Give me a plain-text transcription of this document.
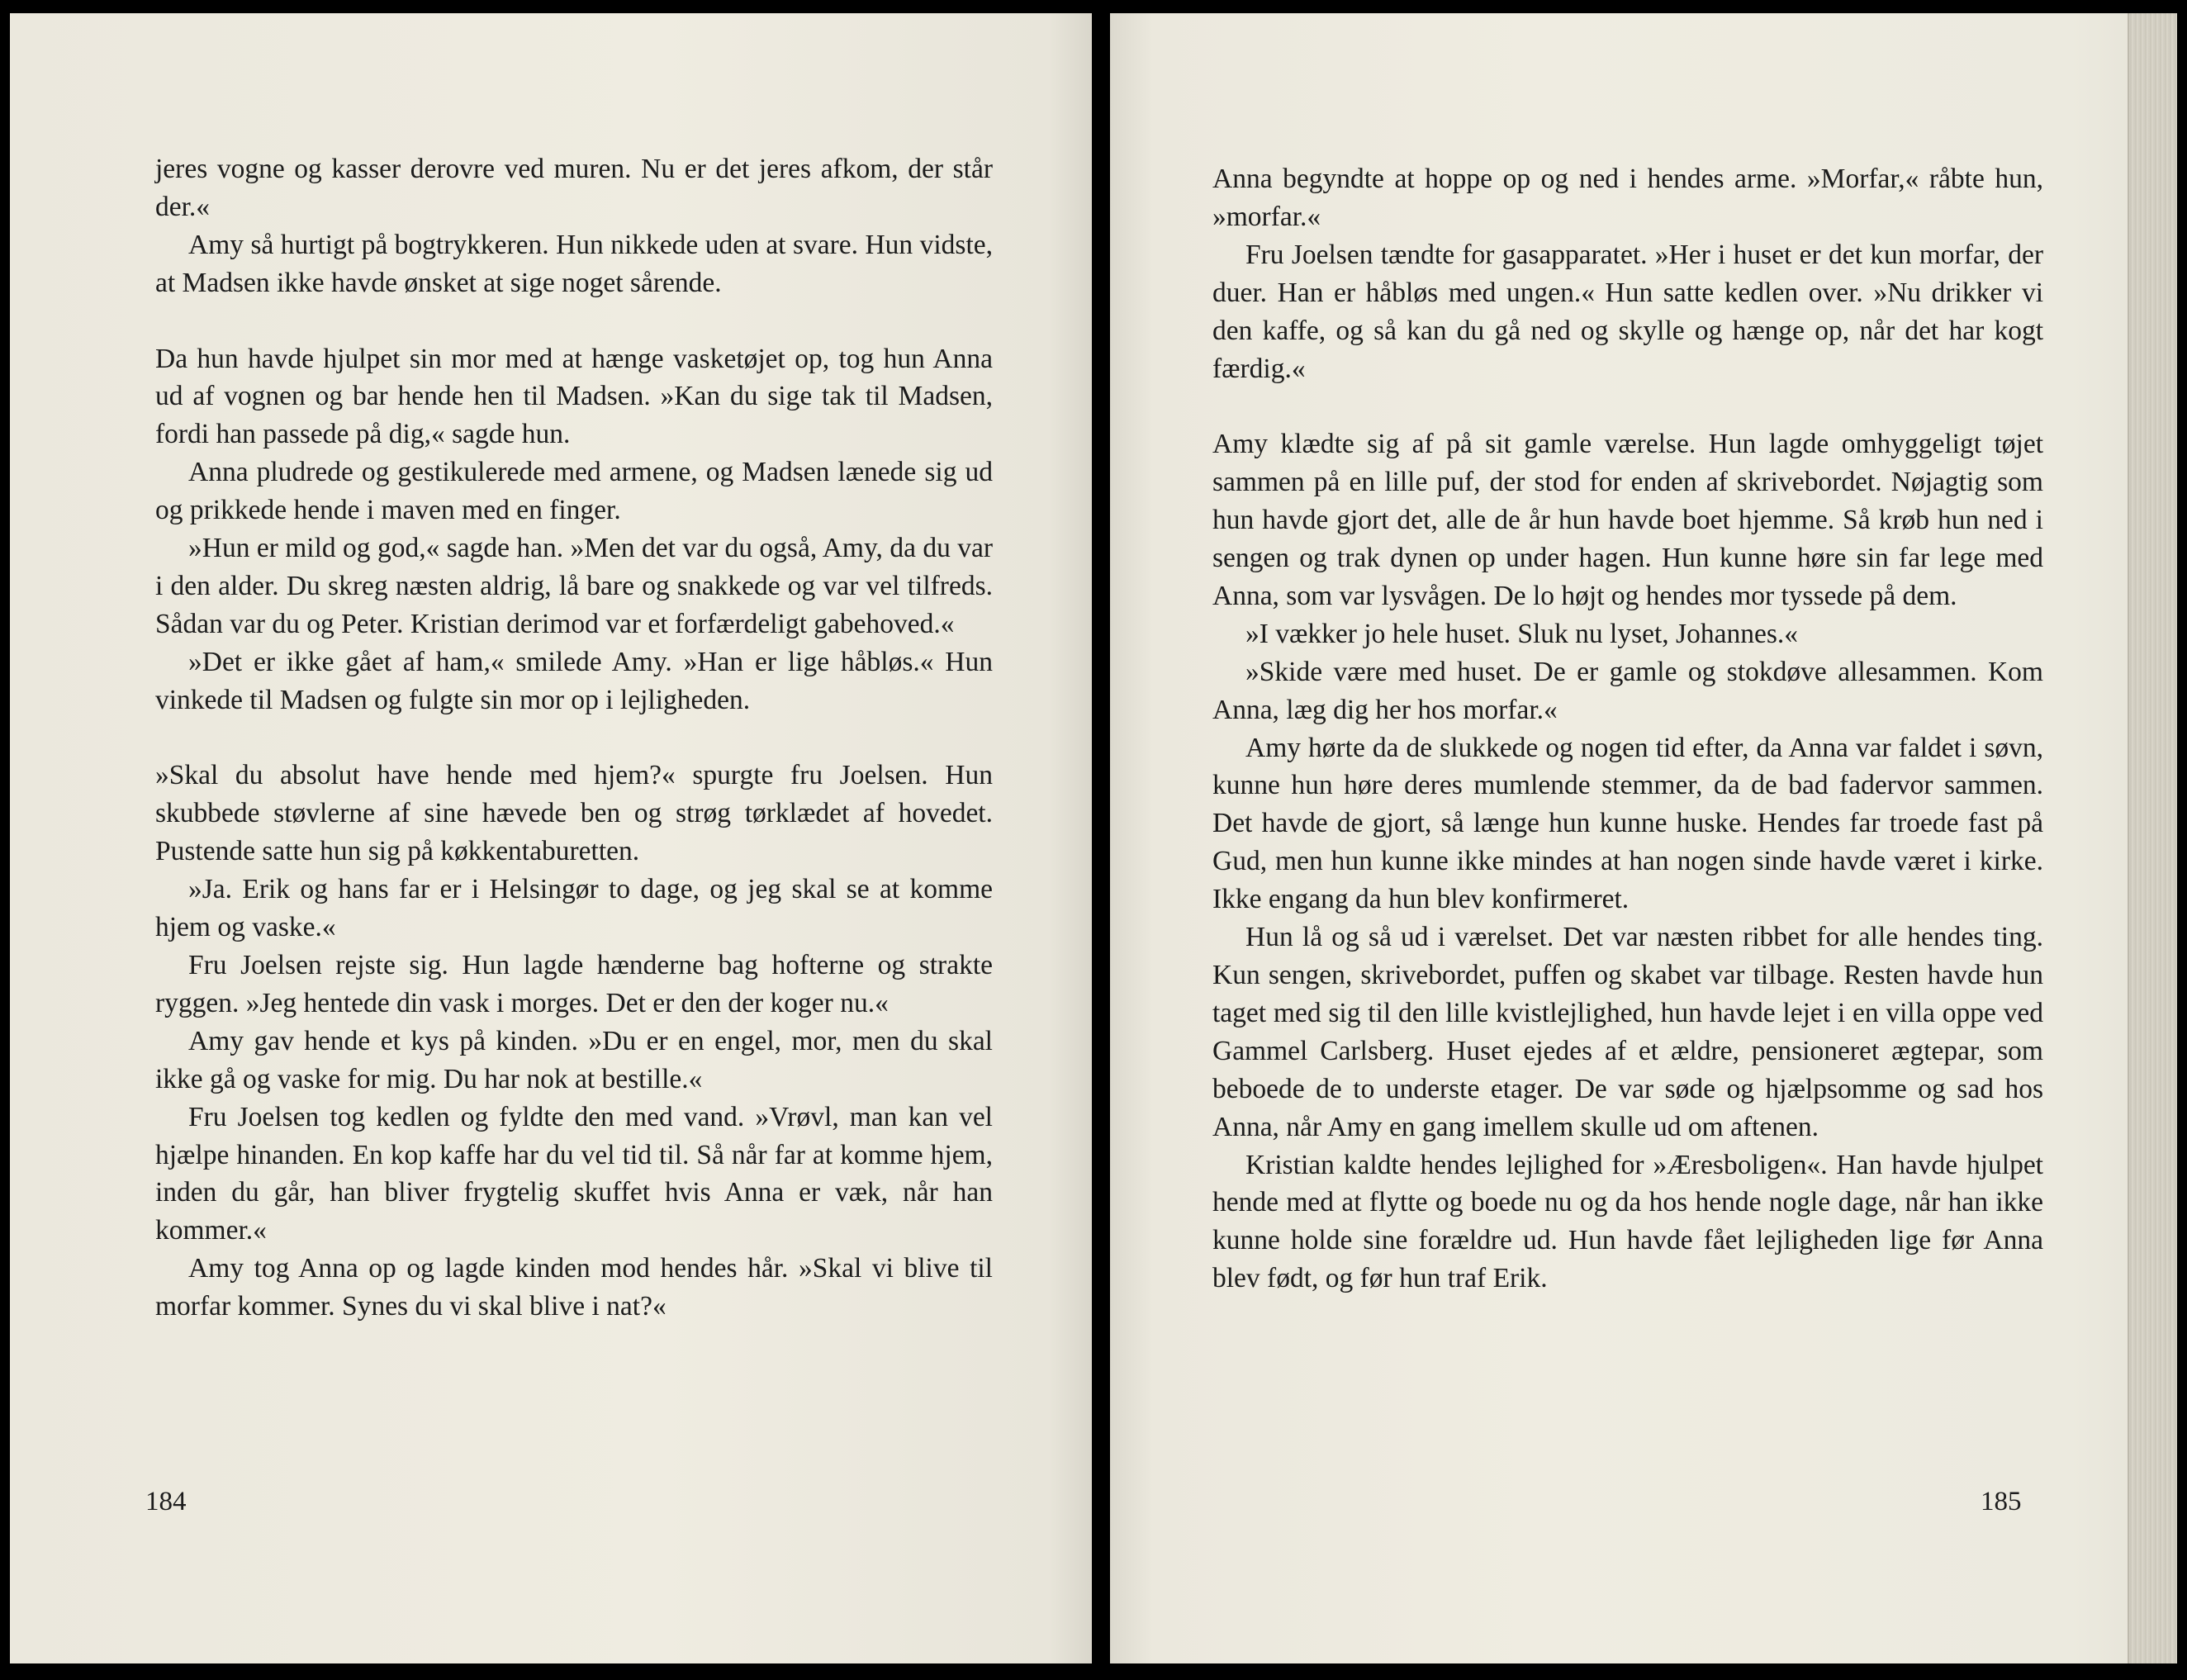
jeres vogne og kasser derovre ved muren. Nu er det jeres afkom, der står der.«

Amy så hurtigt på bogtrykkeren. Hun nikkede uden at svare. Hun vidste, at Madsen ikke havde ønsket at sige noget sårende.

Da hun havde hjulpet sin mor med at hænge vasketøjet op, tog hun Anna ud af vognen og bar hende hen til Madsen. »Kan du sige tak til Madsen, fordi han passede på dig,« sagde hun.

Anna pludrede og gestikulerede med armene, og Madsen lænede sig ud og prikkede hende i maven med en finger.

»Hun er mild og god,« sagde han. »Men det var du også, Amy, da du var i den alder. Du skreg næsten aldrig, lå bare og snakkede og var vel tilfreds. Sådan var du og Peter. Kristian derimod var et forfærdeligt gabehoved.«

»Det er ikke gået af ham,« smilede Amy. »Han er lige håbløs.« Hun vinkede til Madsen og fulgte sin mor op i lejligheden.

»Skal du absolut have hende med hjem?« spurgte fru Joelsen. Hun skubbede støvlerne af sine hævede ben og strøg tørklædet af hovedet. Pustende satte hun sig på køkkentaburetten.

»Ja. Erik og hans far er i Helsingør to dage, og jeg skal se at komme hjem og vaske.«

Fru Joelsen rejste sig. Hun lagde hænderne bag hofterne og strakte ryggen. »Jeg hentede din vask i morges. Det er den der koger nu.«

Amy gav hende et kys på kinden. »Du er en engel, mor, men du skal ikke gå og vaske for mig. Du har nok at bestille.«

Fru Joelsen tog kedlen og fyldte den med vand. »Vrøvl, man kan vel hjælpe hinanden. En kop kaffe har du vel tid til. Så når far at komme hjem, inden du går, han bliver frygtelig skuffet hvis Anna er væk, når han kommer.«

Amy tog Anna op og lagde kinden mod hendes hår. »Skal vi blive til morfar kommer. Synes du vi skal blive i nat?«

184

Anna begyndte at hoppe op og ned i hendes arme. »Morfar,« råbte hun, »morfar.«

Fru Joelsen tændte for gasapparatet. »Her i huset er det kun morfar, der duer. Han er håbløs med ungen.« Hun satte kedlen over. »Nu drikker vi den kaffe, og så kan du gå ned og skylle og hænge op, når det har kogt færdig.«

Amy klædte sig af på sit gamle værelse. Hun lagde omhyggeligt tøjet sammen på en lille puf, der stod for enden af skrivebordet. Nøjagtig som hun havde gjort det, alle de år hun havde boet hjemme. Så krøb hun ned i sengen og trak dynen op under hagen. Hun kunne høre sin far lege med Anna, som var lysvågen. De lo højt og hendes mor tyssede på dem.

»I vækker jo hele huset. Sluk nu lyset, Johannes.«

»Skide være med huset. De er gamle og stokdøve allesammen. Kom Anna, læg dig her hos morfar.«

Amy hørte da de slukkede og nogen tid efter, da Anna var faldet i søvn, kunne hun høre deres mumlende stemmer, da de bad fadervor sammen. Det havde de gjort, så længe hun kunne huske. Hendes far troede fast på Gud, men hun kunne ikke mindes at han nogen sinde havde været i kirke. Ikke engang da hun blev konfirmeret.

Hun lå og så ud i værelset. Det var næsten ribbet for alle hendes ting. Kun sengen, skrivebordet, puffen og skabet var tilbage. Resten havde hun taget med sig til den lille kvistlejlighed, hun havde lejet i en villa oppe ved Gammel Carlsberg. Huset ejedes af et ældre, pensioneret ægtepar, som beboede de to underste etager. De var søde og hjælpsomme og sad hos Anna, når Amy en gang imellem skulle ud om aftenen.

Kristian kaldte hendes lejlighed for »Æresboligen«. Han havde hjulpet hende med at flytte og boede nu og da hos hende nogle dage, når han ikke kunne holde sine forældre ud. Hun havde fået lejligheden lige før Anna blev født, og før hun traf Erik.

185
